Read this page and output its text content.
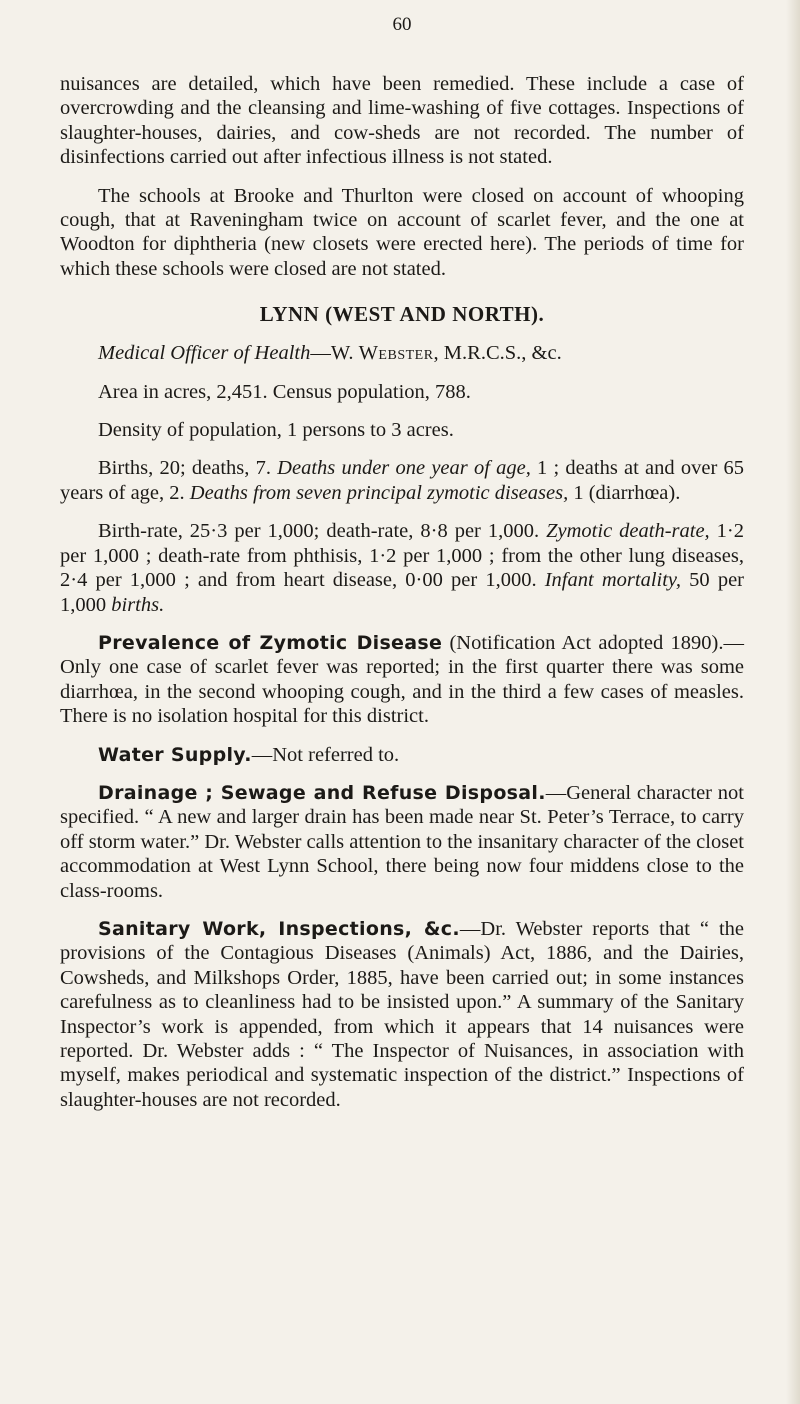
60

nuisances are detailed, which have been remedied. These include a case of overcrowding and the cleansing and lime-washing of five cottages. Inspections of slaughter-houses, dairies, and cow-sheds are not recorded. The number of disinfections carried out after infectious illness is not stated.

The schools at Brooke and Thurlton were closed on account of whooping cough, that at Raveningham twice on account of scarlet fever, and the one at Woodton for diphtheria (new closets were erected here). The periods of time for which these schools were closed are not stated.

LYNN (WEST AND NORTH).

Medical Officer of Health—W. Webster, M.R.C.S., &c.

Area in acres, 2,451. Census population, 788.

Density of population, 1 persons to 3 acres.

Births, 20; deaths, 7. Deaths under one year of age, 1 ; deaths at and over 65 years of age, 2. Deaths from seven principal zymotic diseases, 1 (diarrhœa).

Birth-rate, 25·3 per 1,000; death-rate, 8·8 per 1,000. Zymotic death-rate, 1·2 per 1,000 ; death-rate from phthisis, 1·2 per 1,000 ; from the other lung diseases, 2·4 per 1,000 ; and from heart disease, 0·00 per 1,000. Infant mortality, 50 per 1,000 births.

Prevalence of Zymotic Disease (Notification Act adopted 1890).—Only one case of scarlet fever was reported; in the first quarter there was some diarrhœa, in the second whooping cough, and in the third a few cases of measles. There is no isolation hospital for this district.

Water Supply.—Not referred to.

Drainage ; Sewage and Refuse Disposal.—General character not specified. “ A new and larger drain has been made near St. Peter’s Terrace, to carry off storm water.” Dr. Webster calls attention to the insanitary character of the closet accommodation at West Lynn School, there being now four middens close to the class-rooms.

Sanitary Work, Inspections, &c.—Dr. Webster reports that “ the provisions of the Contagious Diseases (Animals) Act, 1886, and the Dairies, Cowsheds, and Milkshops Order, 1885, have been carried out; in some instances carefulness as to cleanliness had to be insisted upon.” A summary of the Sanitary Inspector’s work is appended, from which it appears that 14 nuisances were reported. Dr. Webster adds : “ The Inspector of Nuisances, in association with myself, makes periodical and systematic inspection of the district.” Inspections of slaughter-houses are not recorded.
